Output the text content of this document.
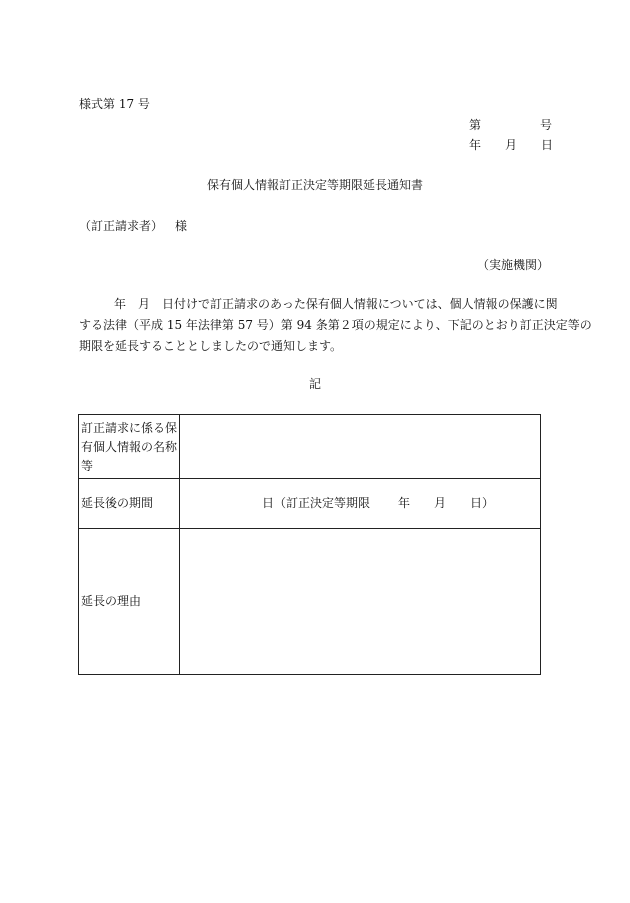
様式第 17 号
第	号
年 月 日
保有個人情報訂正決定等期限延長通知書
（訂正請求者） 様
（実施機関）
年　月　日付けで訂正請求のあった保有個人情報については、個人情報の保護に関
する法律（平成 15 年法律第 57 号）第 94 条第２項の規定により、下記のとおり訂正決定等の
期限を延長することとしましたので通知します。
記
訂正請求に係る保有個人情報の名称等	
延長後の期間	日（訂正決定等期限 年 月 日）
延長の理由	
